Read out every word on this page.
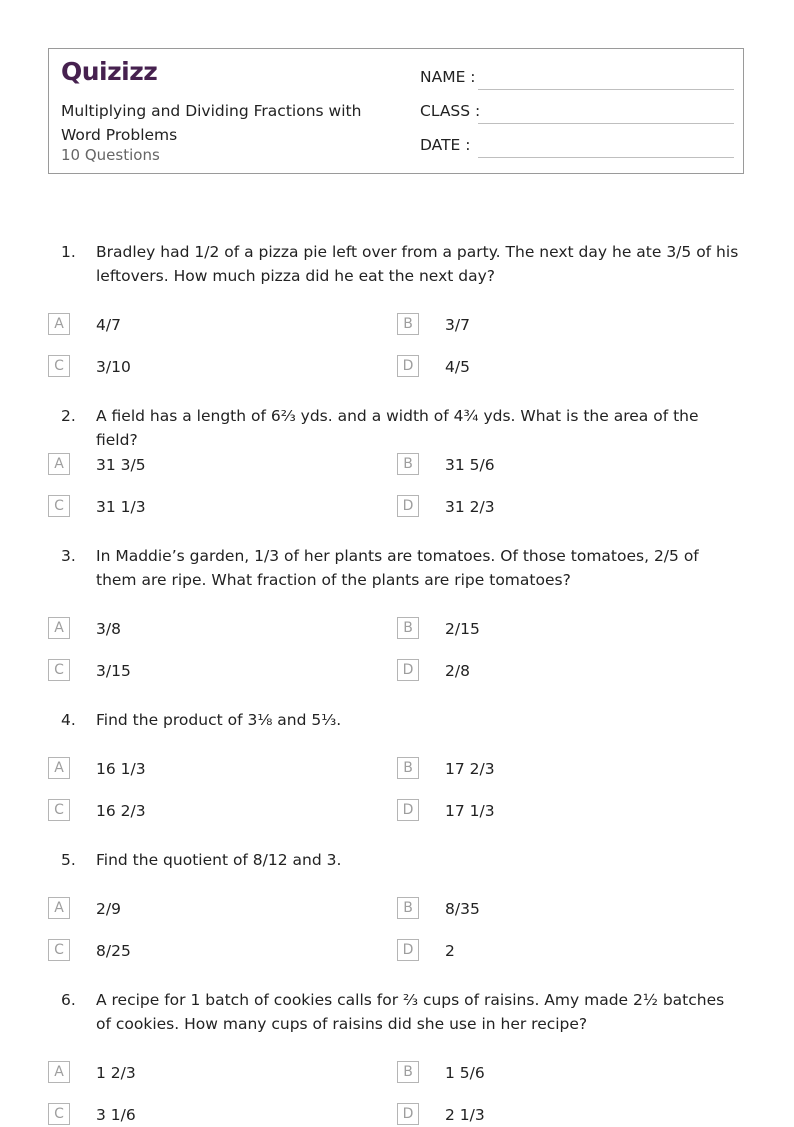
Quizizz
Multiplying and Dividing Fractions with Word Problems
10 Questions
NAME :
CLASS :
DATE :
1. Bradley had 1/2 of a pizza pie left over from a party. The next day he ate 3/5 of his leftovers. How much pizza did he eat the next day?
A	4/7	B	3/7
C	3/10	D	4/5
2. A field has a length of 6⅔ yds. and a width of 4¾ yds. What is the area of the field?
A	31 3/5	B	31 5/6
C	31 1/3	D	31 2/3
3. In Maddie’s garden, 1/3 of her plants are tomatoes. Of those tomatoes, 2/5 of them are ripe. What fraction of the plants are ripe tomatoes?
A	3/8	B	2/15
C	3/15	D	2/8
4. Find the product of 3⅛ and 5⅓.
A	16 1/3	B	17 2/3
C	16 2/3	D	17 1/3
5. Find the quotient of 8/12 and 3.
A	2/9	B	8/35
C	8/25	D	2
6. A recipe for 1 batch of cookies calls for ⅔ cups of raisins. Amy made 2½ batches of cookies. How many cups of raisins did she use in her recipe?
A	1 2/3	B	1 5/6
C	3 1/6	D	2 1/3
